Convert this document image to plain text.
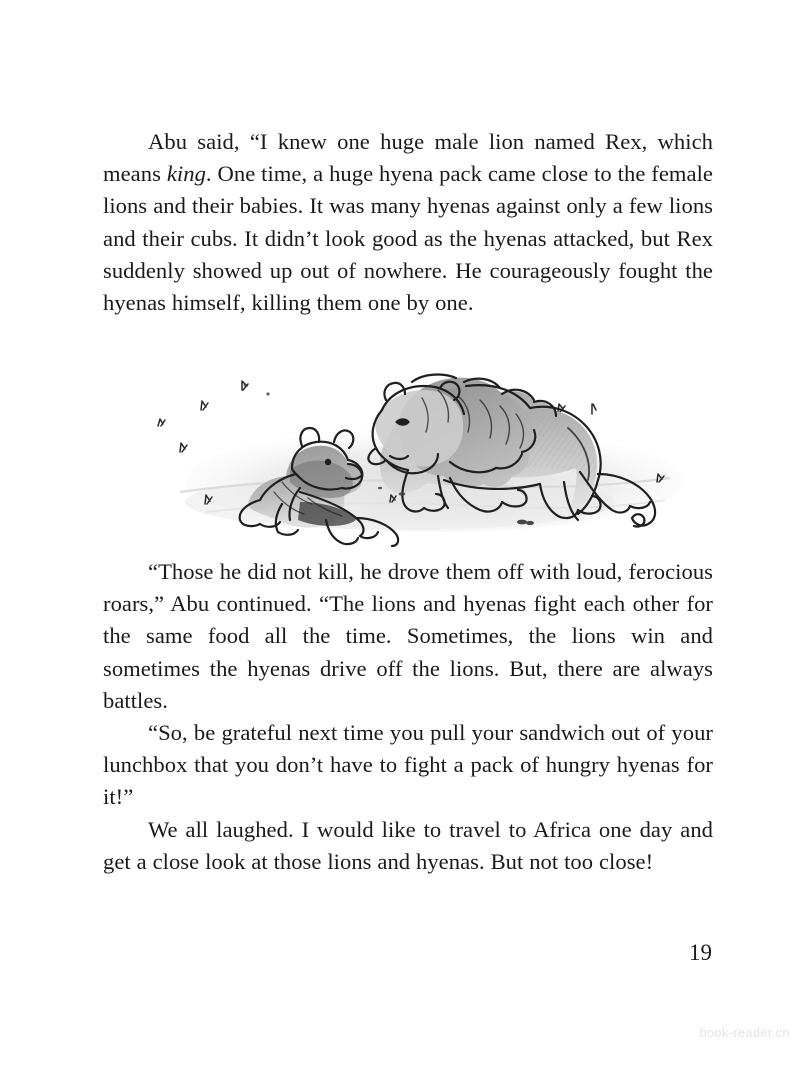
Abu said, “I knew one huge male lion named Rex, which means king. One time, a huge hyena pack came close to the female lions and their babies. It was many hyenas against only a few lions and their cubs. It didn’t look good as the hyenas attacked, but Rex suddenly showed up out of nowhere. He courageously fought the hyenas himself, killing them one by one.

“Those he did not kill, he drove them off with loud, ferocious roars,” Abu continued. “The lions and hyenas fight each other for the same food all the time. Sometimes, the lions win and sometimes the hyenas drive off the lions. But, there are always battles.

“So, be grateful next time you pull your sandwich out of your lunchbox that you don’t have to fight a pack of hungry hyenas for it!”

We all laughed. I would like to travel to Africa one day and get a close look at those lions and hyenas. But not too close!

19
book-reader.cn
